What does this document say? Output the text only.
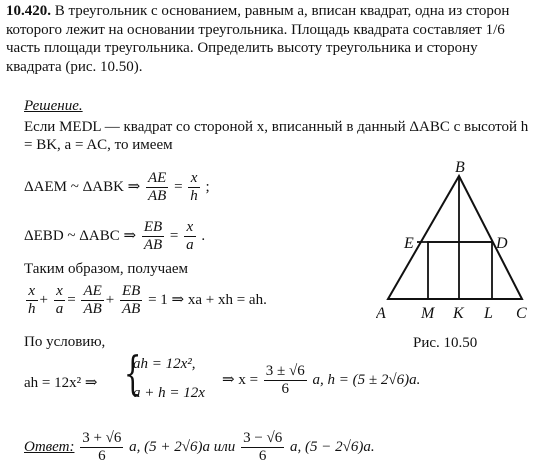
10.420. В треугольник с основанием, равным a, вписан квадрат, одна из сторон которого лежит на основании треугольника. Площадь квадрата составляет 1/6 часть площади треугольника. Определить высоту треугольника и сторону квадрата (рис. 10.50).
Решение.
Если MEDL — квадрат со стороной x, вписанный в данный ΔABC с высотой h = BK, a = AC, то имеем
ΔAEM ~ ΔABK ⇒ $\frac{AE}{AB} = \frac{x}{h}$ ;
ΔEBD ~ ΔABC ⇒ $\frac{EB}{AB} = \frac{x}{a}$ .
Таким образом, получаем
$\frac{x}{h} + \frac{x}{a} = \frac{AE}{AB} + \frac{EB}{AB} = 1$ ⇒ xa + xh = ah.
По условию,
ah = 12x² ⇒ {
ah = 12x²,
a + h = 12x
⇒ $x = \frac{3 \pm √6}{6} a$, h = (5 ± 2√6)a.
Ответ: $\frac{3 + √6}{6} a$, (5 + 2√6)a или $\frac{3 - √6}{6} a$, (5 − 2√6)a.
B
E	D
A M K L C
Рис. 10.50
